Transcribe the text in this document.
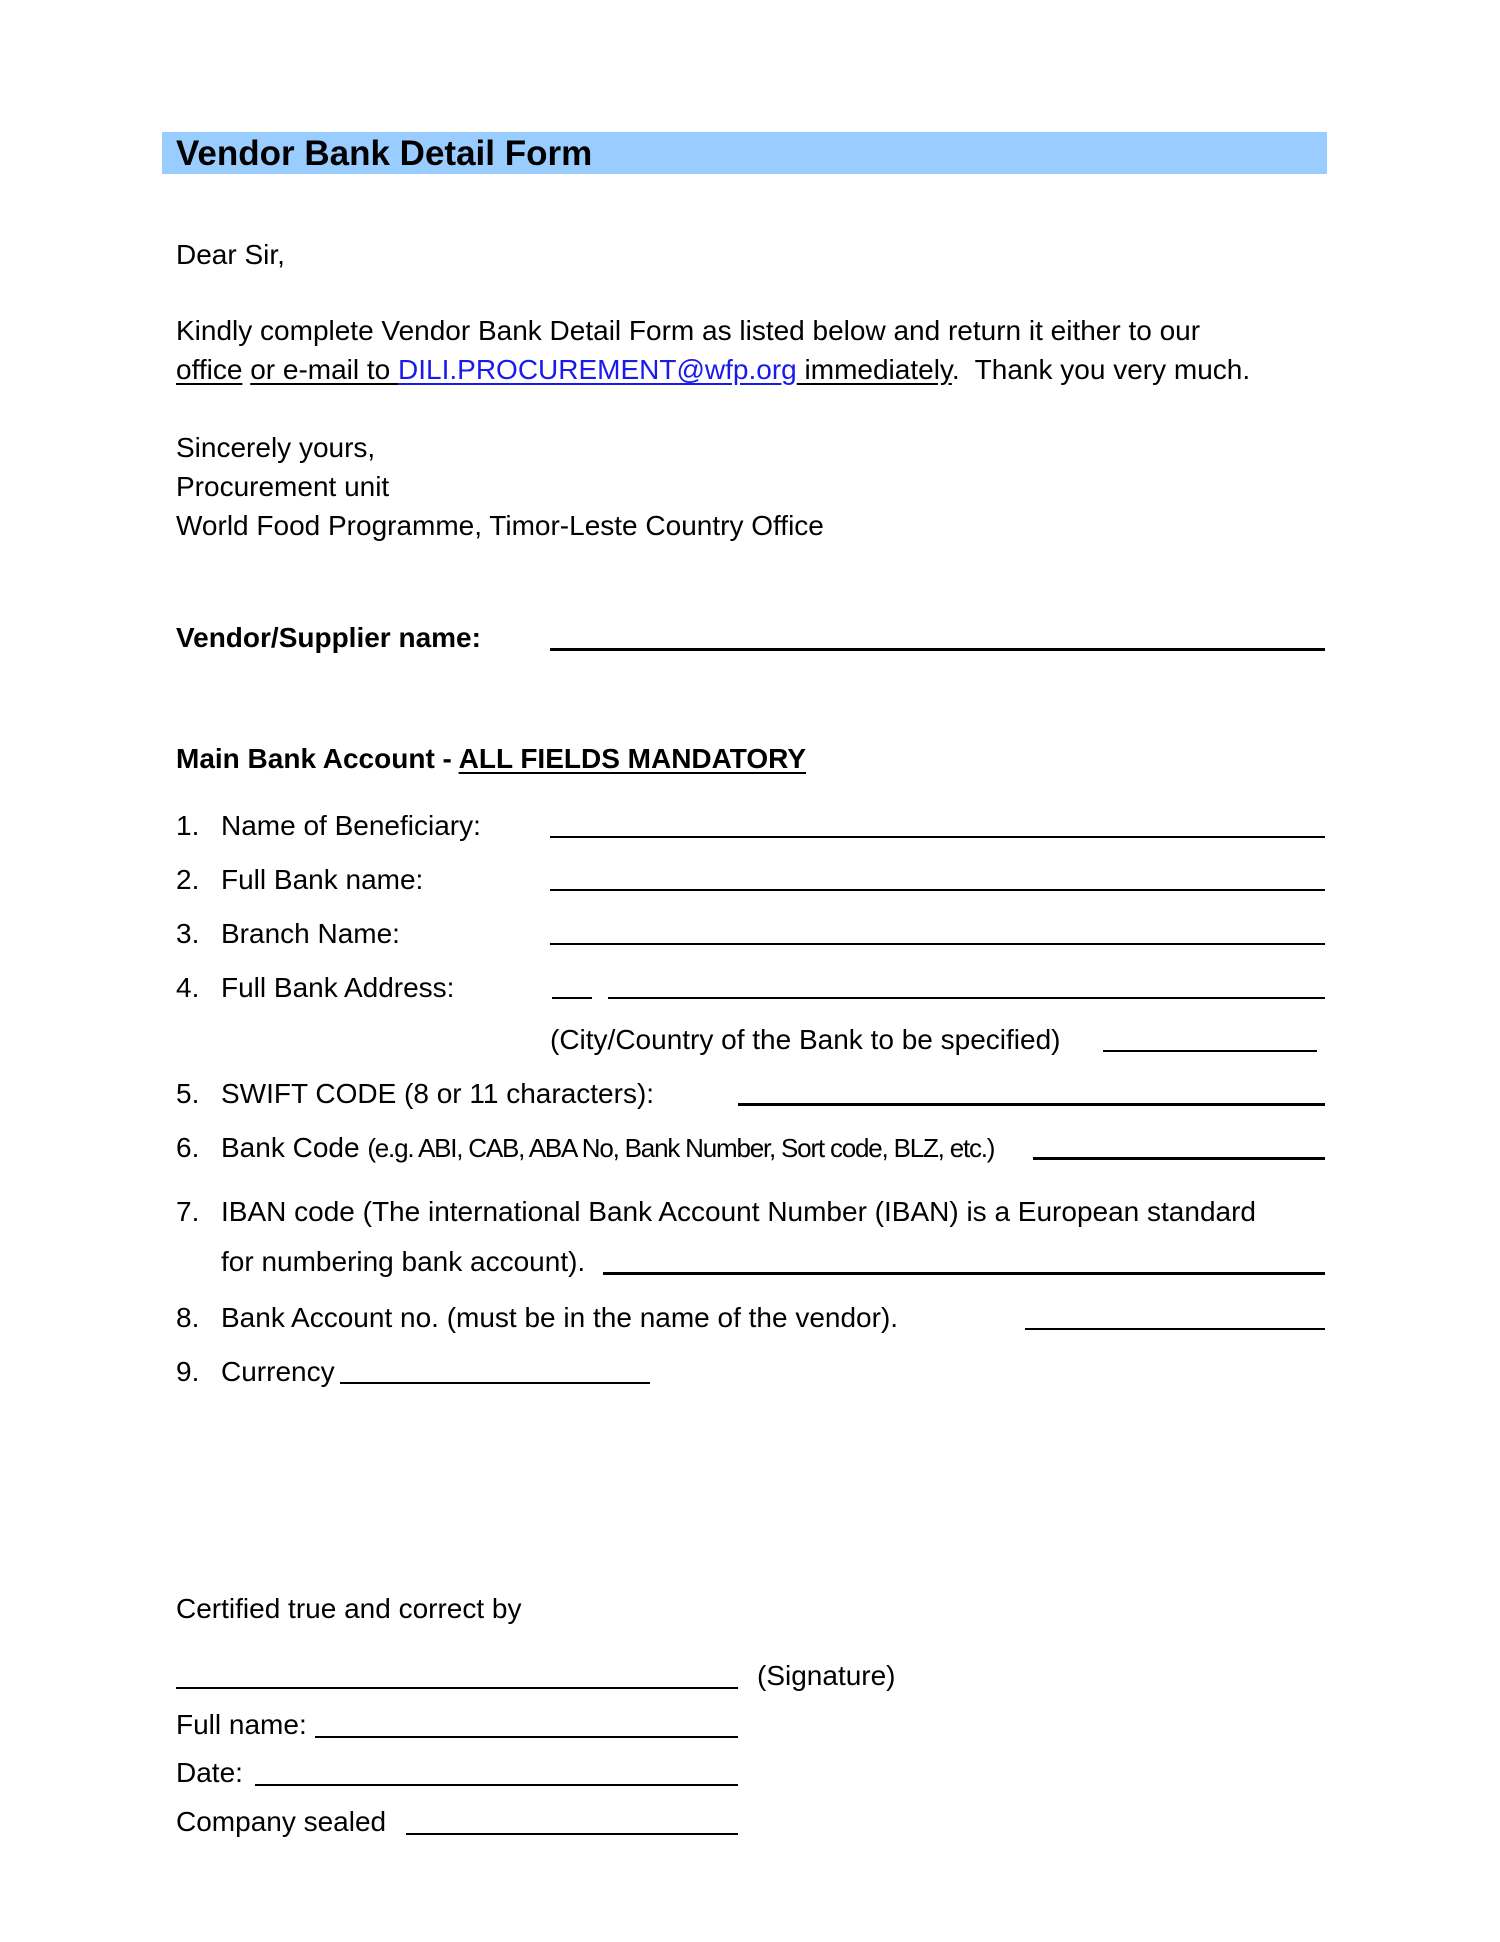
Vendor Bank Detail Form
Dear Sir,
Kindly complete Vendor Bank Detail Form as listed below and return it either to our
office or e-mail to DILI.PROCUREMENT@wfp.org immediately.  Thank you very much.
Sincerely yours,
Procurement unit
World Food Programme, Timor-Leste Country Office
Vendor/Supplier name:
Main Bank Account - ALL FIELDS MANDATORY
1. Name of Beneficiary:
2. Full Bank name:
3. Branch Name:
4. Full Bank Address:
(City/Country of the Bank to be specified)
5. SWIFT CODE (8 or 11 characters):
6. Bank Code (e.g. ABI, CAB, ABA No, Bank Number, Sort code, BLZ, etc.)
7. IBAN code (The international Bank Account Number (IBAN) is a European standard
for numbering bank account).
8. Bank Account no. (must be in the name of the vendor).
9. Currency
Certified true and correct by
(Signature)
Full name:
Date:
Company sealed
